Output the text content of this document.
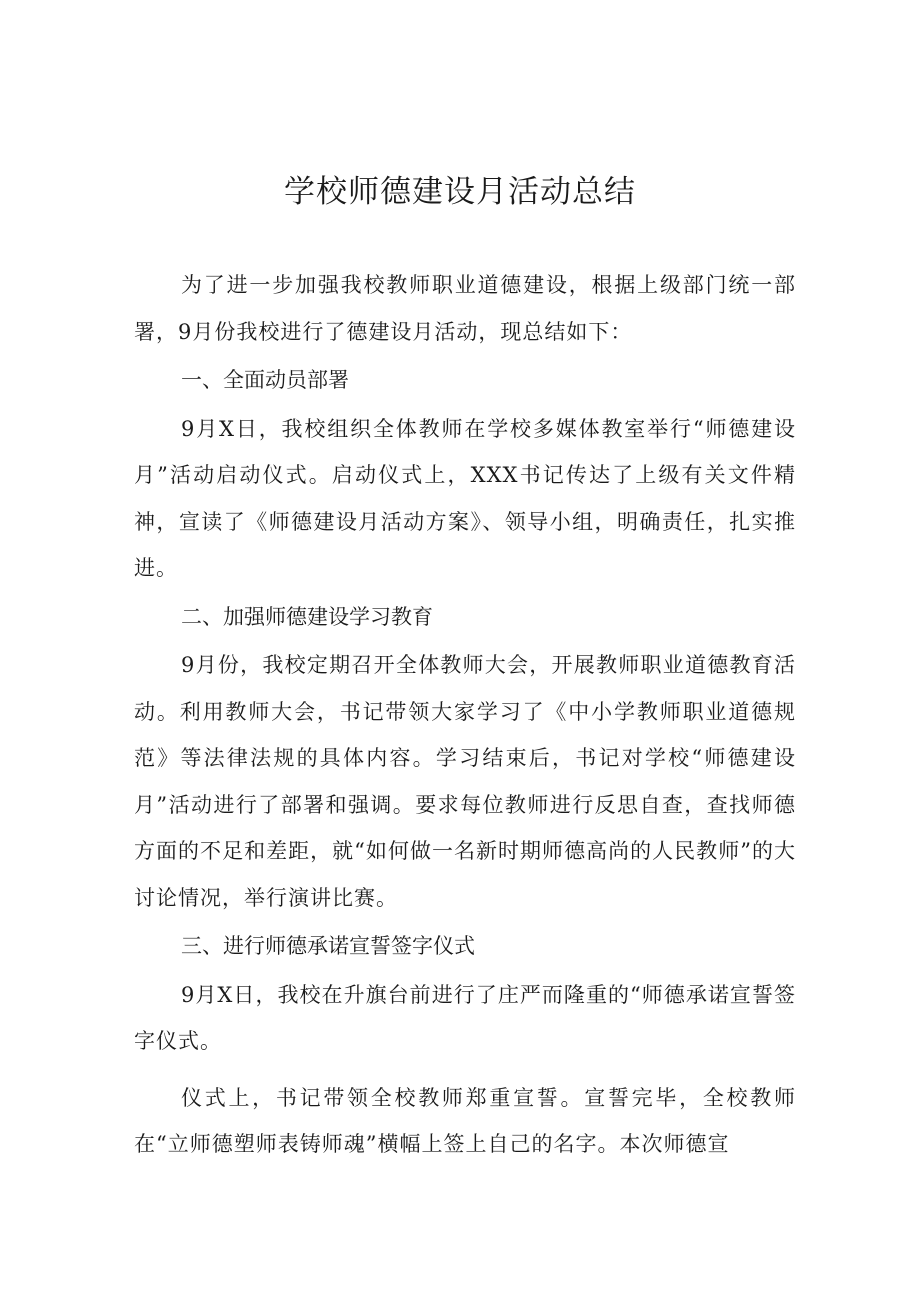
学校师德建设月活动总结

为了进一步加强我校教师职业道德建设，根据上级部门统一部署，9月份我校进行了德建设月活动，现总结如下：

一、全面动员部署

9月X日，我校组织全体教师在学校多媒体教室举行“师德建设月”活动启动仪式。启动仪式上，XXX书记传达了上级有关文件精神，宣读了《师德建设月活动方案》、领导小组，明确责任，扎实推进。

二、加强师德建设学习教育

9月份，我校定期召开全体教师大会，开展教师职业道德教育活动。利用教师大会，书记带领大家学习了《中小学教师职业道德规范》等法律法规的具体内容。学习结束后，书记对学校“师德建设月”活动进行了部署和强调。要求每位教师进行反思自查，查找师德方面的不足和差距，就“如何做一名新时期师德高尚的人民教师”的大讨论情况，举行演讲比赛。

三、进行师德承诺宣誓签字仪式

9月X日，我校在升旗台前进行了庄严而隆重的“师德承诺宣誓签字仪式。

仪式上，书记带领全校教师郑重宣誓。宣誓完毕，全校教师在“立师德塑师表铸师魂”横幅上签上自己的名字。本次师德宣
